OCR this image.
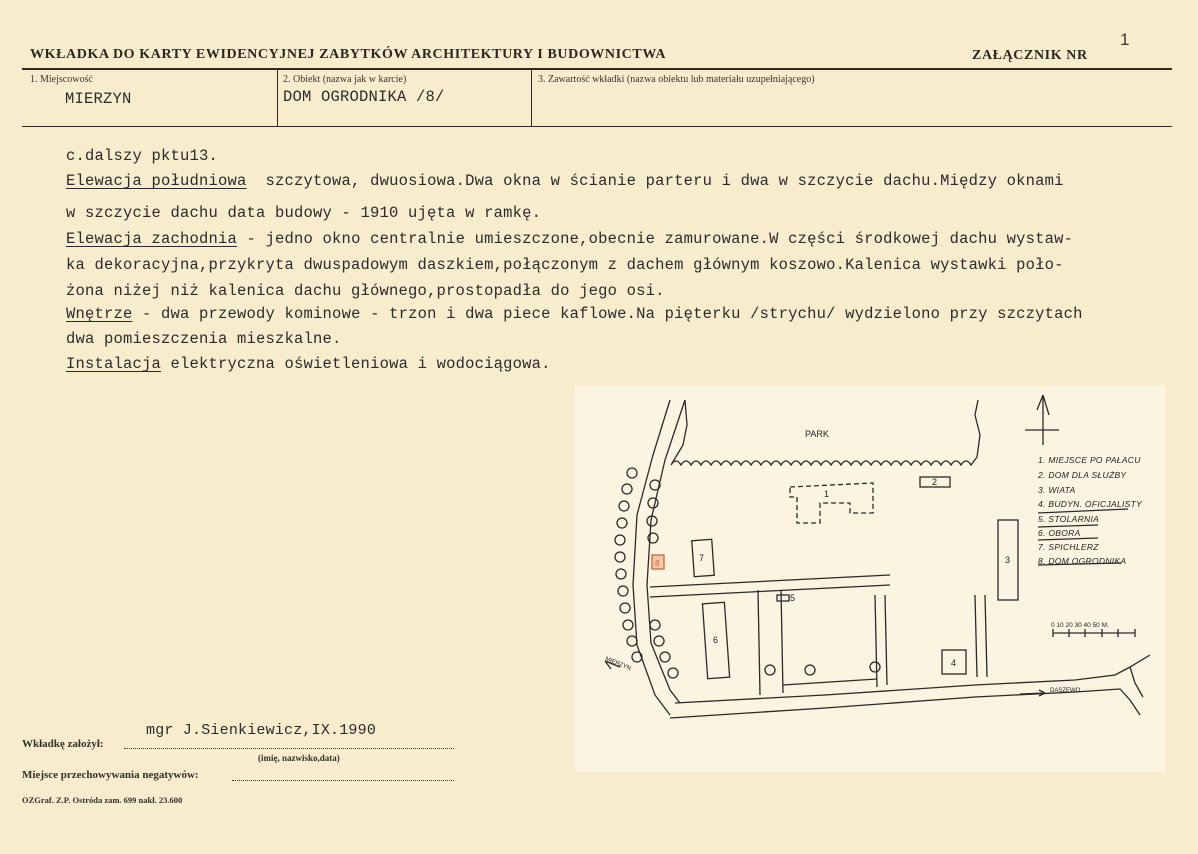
1
WKŁADKA DO KARTY EWIDENCYJNEJ ZABYTKÓW ARCHITEKTURY I BUDOWNICTWA	ZAŁĄCZNIK NR
1. Miejscowość
MIERZYN
2. Obiekt (nazwa jak w karcie)
DOM OGRODNIKA /8/
3. Zawartość wkładki (nazwa obiektu lub materiału uzupełniającego)
c.dalszy pktu13.
Elewacja południowa szczytowa, dwuosiowa.Dwa okna w ścianie parteru i dwa w szczycie dachu.Między oknami
w szczycie dachu data budowy - 1910 ujęta w ramkę.
Elewacja zachodnia - jedno okno centralnie umieszczone,obecnie zamurowane.W części środkowej dachu wystaw-
ka dekoracyjna,przykryta dwuspadowym daszkiem,połączonym z dachem głównym koszowo.Kalenica wystawki poło-
żona niżej niż kalenica dachu głównego,prostopadła do jego osi.
Wnętrze - dwa przewody kominowe - trzon i dwa piece kaflowe.Na pięterku /strychu/ wydzielono przy szczytach
dwa pomieszczenia mieszkalne.
Instalacja elektryczna oświetleniowa i wodociągowa.
PARK
1
2
3
4
5
6
7
8
MIERZYN
DASZEWO
0 10 20 30 40 50 M.
1. MIEJSCE PO PAŁACU
2. DOM DLA SŁUŻBY
3. WIATA
4. BUDYN. OFICJALISTY
5. STOLARNIA
6. OBORA
7. SPICHLERZ
8. DOM OGRODNIKA
mgr J.Sienkiewicz,IX.1990
Wkładkę założył:
(imię, nazwisko,data)
Miejsce przechowywania negatywów:
OZGraf. Z.P. Ostróda zam. 699 nakł. 23.600
